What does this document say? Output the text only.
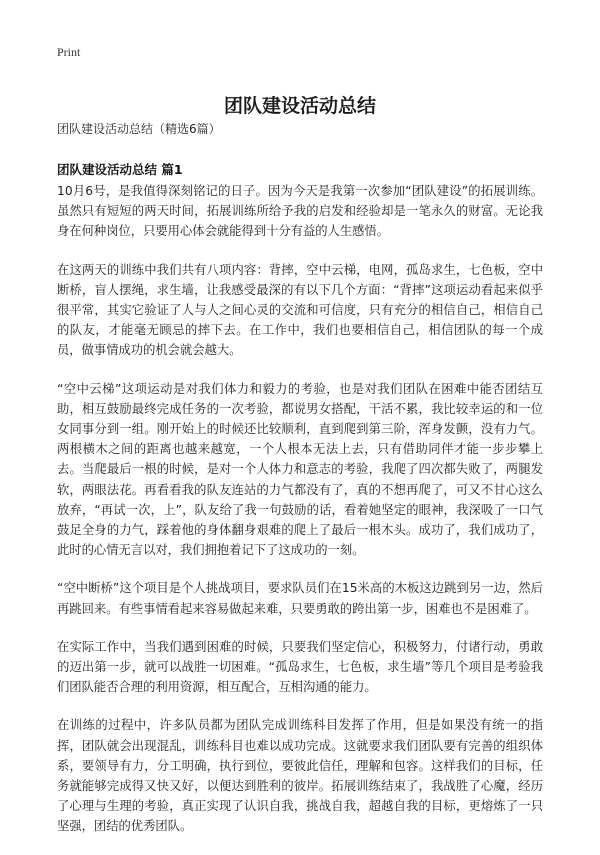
Print
团队建设活动总结
团队建设活动总结（精选6篇）
团队建设活动总结 篇1

10月6号，是我值得深刻铭记的日子。因为今天是我第一次参加“团队建设”的拓展训练。虽然只有短短的两天时间，拓展训练所给予我的启发和经验却是一笔永久的财富。无论我身在何种岗位，只要用心体会就能得到十分有益的人生感悟。

在这两天的训练中我们共有八项内容：背摔，空中云梯，电网，孤岛求生，七色板，空中断桥，盲人摆绳，求生墙，让我感受最深的有以下几个方面：“背摔”这项运动看起来似乎很平常，其实它验证了人与人之间心灵的交流和可信度，只有充分的相信自己，相信自己的队友，才能毫无顾忌的摔下去。在工作中，我们也要相信自己，相信团队的每一个成员，做事情成功的机会就会越大。

“空中云梯”这项运动是对我们体力和毅力的考验，也是对我们团队在困难中能否团结互助，相互鼓励最终完成任务的一次考验，都说男女搭配，干活不累，我比较幸运的和一位女同事分到一组。刚开始上的时候还比较顺利，直到爬到第三阶，浑身发颤，没有力气。两根横木之间的距离也越来越宽，一个人根本无法上去，只有借助同伴才能一步步攀上去。当爬最后一根的时候，是对一个人体力和意志的考验，我爬了四次都失败了，两腿发软，两眼法花。再看看我的队友连站的力气都没有了，真的不想再爬了，可又不甘心这么放弃，“再试一次，上”，队友给了我一句鼓励的话，看着她坚定的眼神，我深吸了一口气鼓足全身的力气，踩着他的身体翻身艰难的爬上了最后一根木头。成功了，我们成功了，此时的心情无言以对，我们拥抱着记下了这成功的一刻。

“空中断桥”这个项目是个人挑战项目，要求队员们在15米高的木板这边跳到另一边，然后再跳回来。有些事情看起来容易做起来难，只要勇敢的跨出第一步，困难也不是困难了。

在实际工作中，当我们遇到困难的时候，只要我们坚定信心，积极努力，付诸行动，勇敢的迈出第一步，就可以战胜一切困难。“孤岛求生，七色板，求生墙”等几个项目是考验我们团队能否合理的利用资源，相互配合，互相沟通的能力。

在训练的过程中，许多队员都为团队完成训练科目发挥了作用，但是如果没有统一的指挥，团队就会出现混乱，训练科目也难以成功完成。这就要求我们团队要有完善的组织体系，要领导有力，分工明确，执行到位，要彼此信任，理解和包容。这样我们的目标，任务就能够完成得又快又好，以便达到胜利的彼岸。拓展训练结束了，我战胜了心魔，经历了心理与生理的考验，真正实现了认识自我，挑战自我，超越自我的目标，更熔炼了一只坚强，团结的优秀团队。
